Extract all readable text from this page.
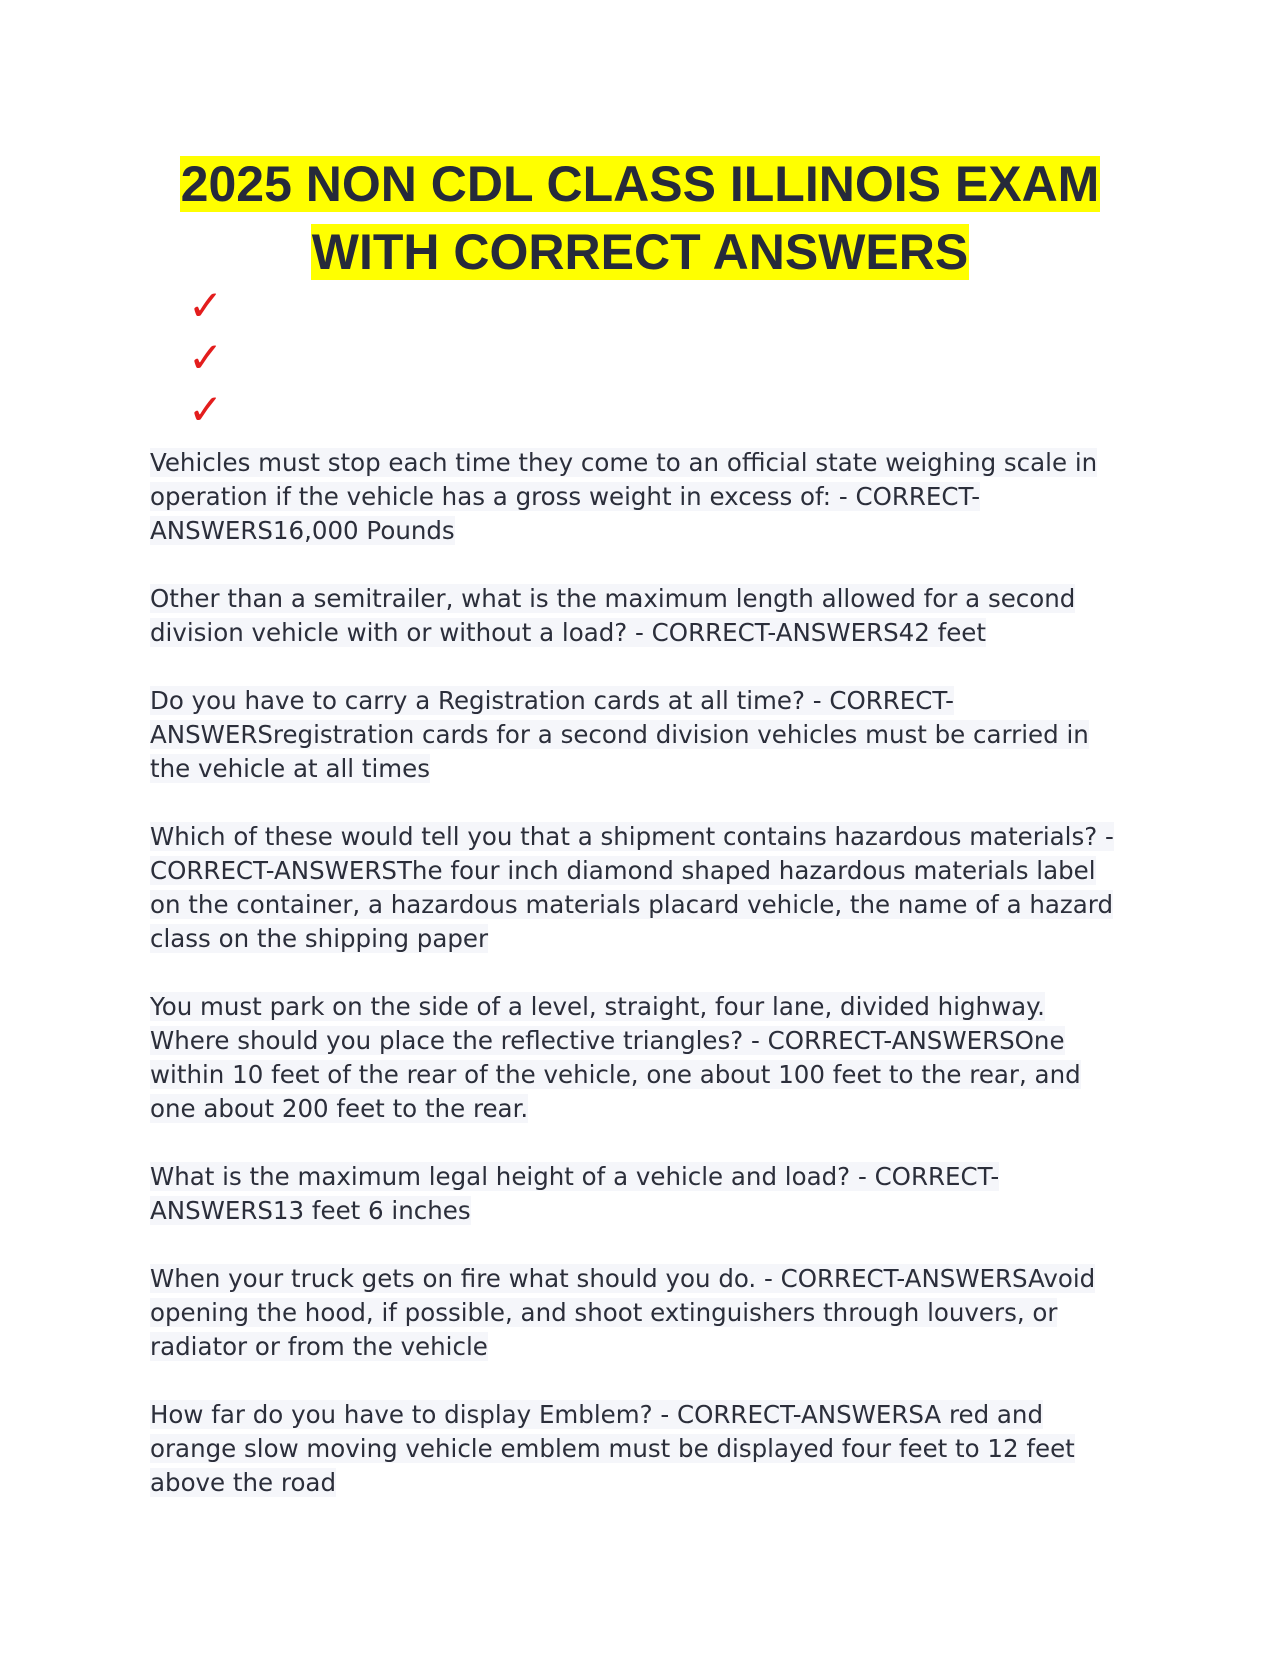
2025 NON CDL CLASS ILLINOIS EXAM
WITH CORRECT ANSWERS
✓
✓
✓

Vehicles must stop each time they come to an official state weighing scale in operation if the vehicle has a gross weight in excess of: - CORRECT-ANSWERS16,000 Pounds

Other than a semitrailer, what is the maximum length allowed for a second division vehicle with or without a load? - CORRECT-ANSWERS42 feet

Do you have to carry a Registration cards at all time? - CORRECT-ANSWERSregistration cards for a second division vehicles must be carried in the vehicle at all times

Which of these would tell you that a shipment contains hazardous materials? - CORRECT-ANSWERSThe four inch diamond shaped hazardous materials label on the container, a hazardous materials placard vehicle, the name of a hazard class on the shipping paper

You must park on the side of a level, straight, four lane, divided highway. Where should you place the reflective triangles? - CORRECT-ANSWERSOne within 10 feet of the rear of the vehicle, one about 100 feet to the rear, and one about 200 feet to the rear.

What is the maximum legal height of a vehicle and load? - CORRECT-ANSWERS13 feet 6 inches

When your truck gets on fire what should you do. - CORRECT-ANSWERSAvoid opening the hood, if possible, and shoot extinguishers through louvers, or radiator or from the vehicle

How far do you have to display Emblem? - CORRECT-ANSWERSA red and orange slow moving vehicle emblem must be displayed four feet to 12 feet above the road
